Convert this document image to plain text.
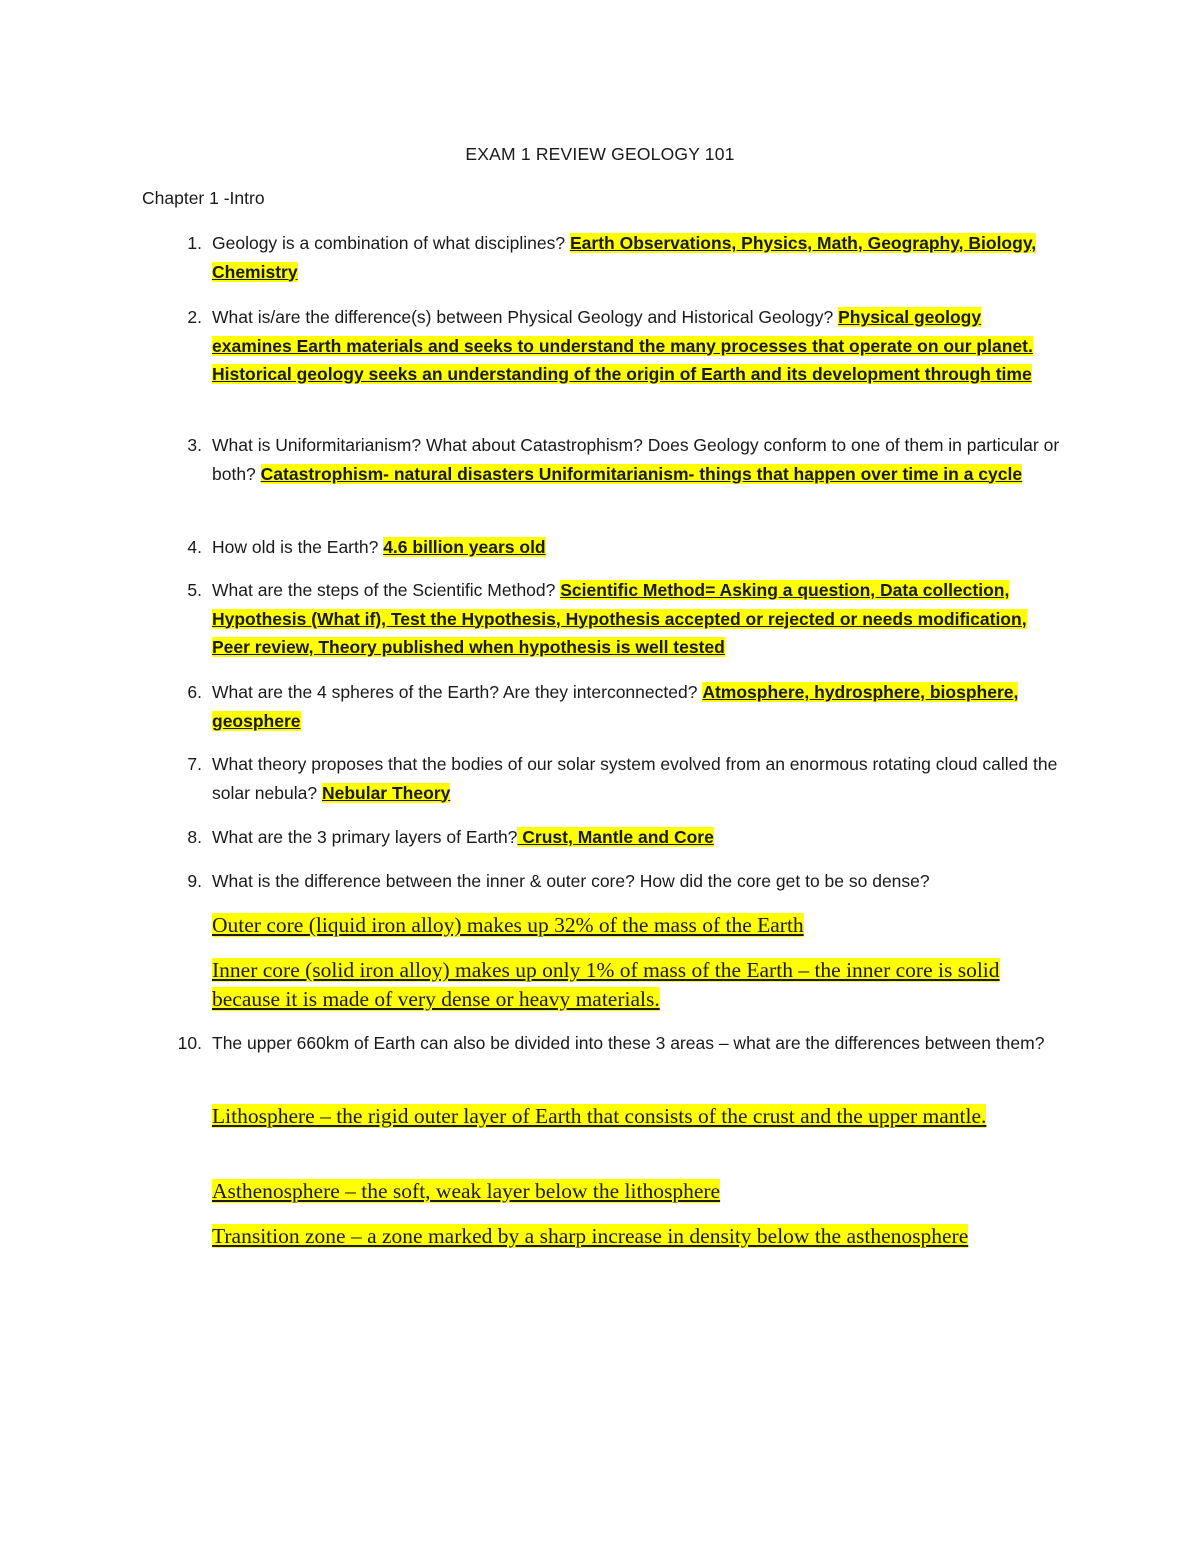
EXAM 1 REVIEW GEOLOGY 101
Chapter 1 -Intro
1. Geology is a combination of what disciplines? Earth Observations, Physics, Math, Geography, Biology, Chemistry
2. What is/are the difference(s) between Physical Geology and Historical Geology? Physical geology examines Earth materials and seeks to understand the many processes that operate on our planet. Historical geology seeks an understanding of the origin of Earth and its development through time
3. What is Uniformitarianism? What about Catastrophism? Does Geology conform to one of them in particular or both? Catastrophism- natural disasters Uniformitarianism- things that happen over time in a cycle
4. How old is the Earth? 4.6 billion years old
5. What are the steps of the Scientific Method? Scientific Method= Asking a question, Data collection, Hypothesis (What if), Test the Hypothesis, Hypothesis accepted or rejected or needs modification, Peer review, Theory published when hypothesis is well tested
6. What are the 4 spheres of the Earth? Are they interconnected? Atmosphere, hydrosphere, biosphere, geosphere
7. What theory proposes that the bodies of our solar system evolved from an enormous rotating cloud called the solar nebula? Nebular Theory
8. What are the 3 primary layers of Earth? Crust, Mantle and Core
9. What is the difference between the inner & outer core? How did the core get to be so dense?
Outer core (liquid iron alloy) makes up 32% of the mass of the Earth
Inner core (solid iron alloy) makes up only 1% of mass of the Earth – the inner core is solid because it is made of very dense or heavy materials.
10. The upper 660km of Earth can also be divided into these 3 areas – what are the differences between them?
Lithosphere – the rigid outer layer of Earth that consists of the crust and the upper mantle.
Asthenosphere – the soft, weak layer below the lithosphere
Transition zone – a zone marked by a sharp increase in density below the asthenosphere
